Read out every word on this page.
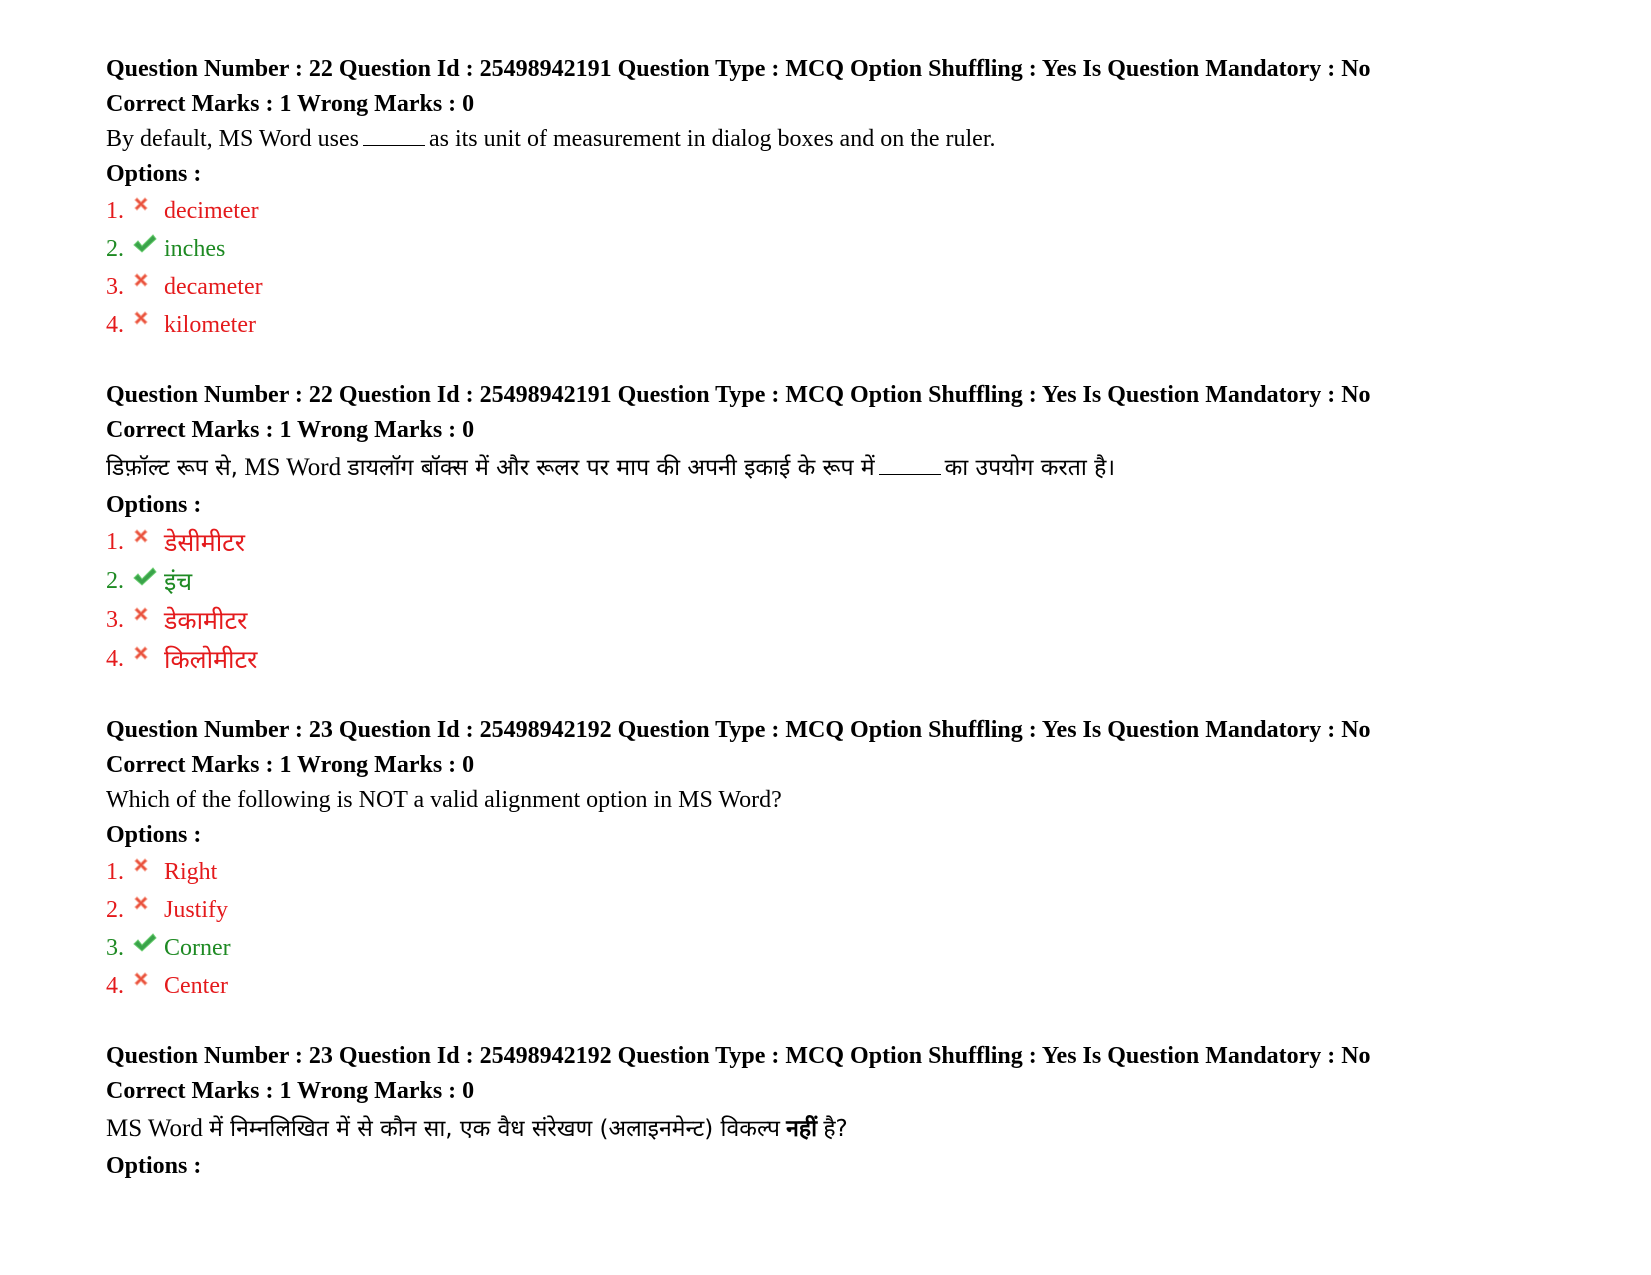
Question Number : 22 Question Id : 25498942191 Question Type : MCQ Option Shuffling : Yes Is Question Mandatory : No
Correct Marks : 1 Wrong Marks : 0
By default, MS Word uses	as its unit of measurement in dialog boxes and on the ruler.
Options :
1.	decimeter
2.	inches
3.	decameter
4.	kilometer
Question Number : 22 Question Id : 25498942191 Question Type : MCQ Option Shuffling : Yes Is Question Mandatory : No
Correct Marks : 1 Wrong Marks : 0
डिफ़ॉल्ट रूप से, MS Word डायलॉग बॉक्स में और रूलर पर माप की अपनी इकाई के रूप में	का उपयोग करता है।
Options :
1.	डेसीमीटर
2.	इंच
3.	डेकामीटर
4.	किलोमीटर
Question Number : 23 Question Id : 25498942192 Question Type : MCQ Option Shuffling : Yes Is Question Mandatory : No
Correct Marks : 1 Wrong Marks : 0
Which of the following is NOT a valid alignment option in MS Word?
Options :
1.	Right
2.	Justify
3.	Corner
4.	Center
Question Number : 23 Question Id : 25498942192 Question Type : MCQ Option Shuffling : Yes Is Question Mandatory : No
Correct Marks : 1 Wrong Marks : 0
MS Word में निम्नलिखित में से कौन सा, एक वैध संरेखण (अलाइनमेन्ट) विकल्प नहीं है?
Options :
